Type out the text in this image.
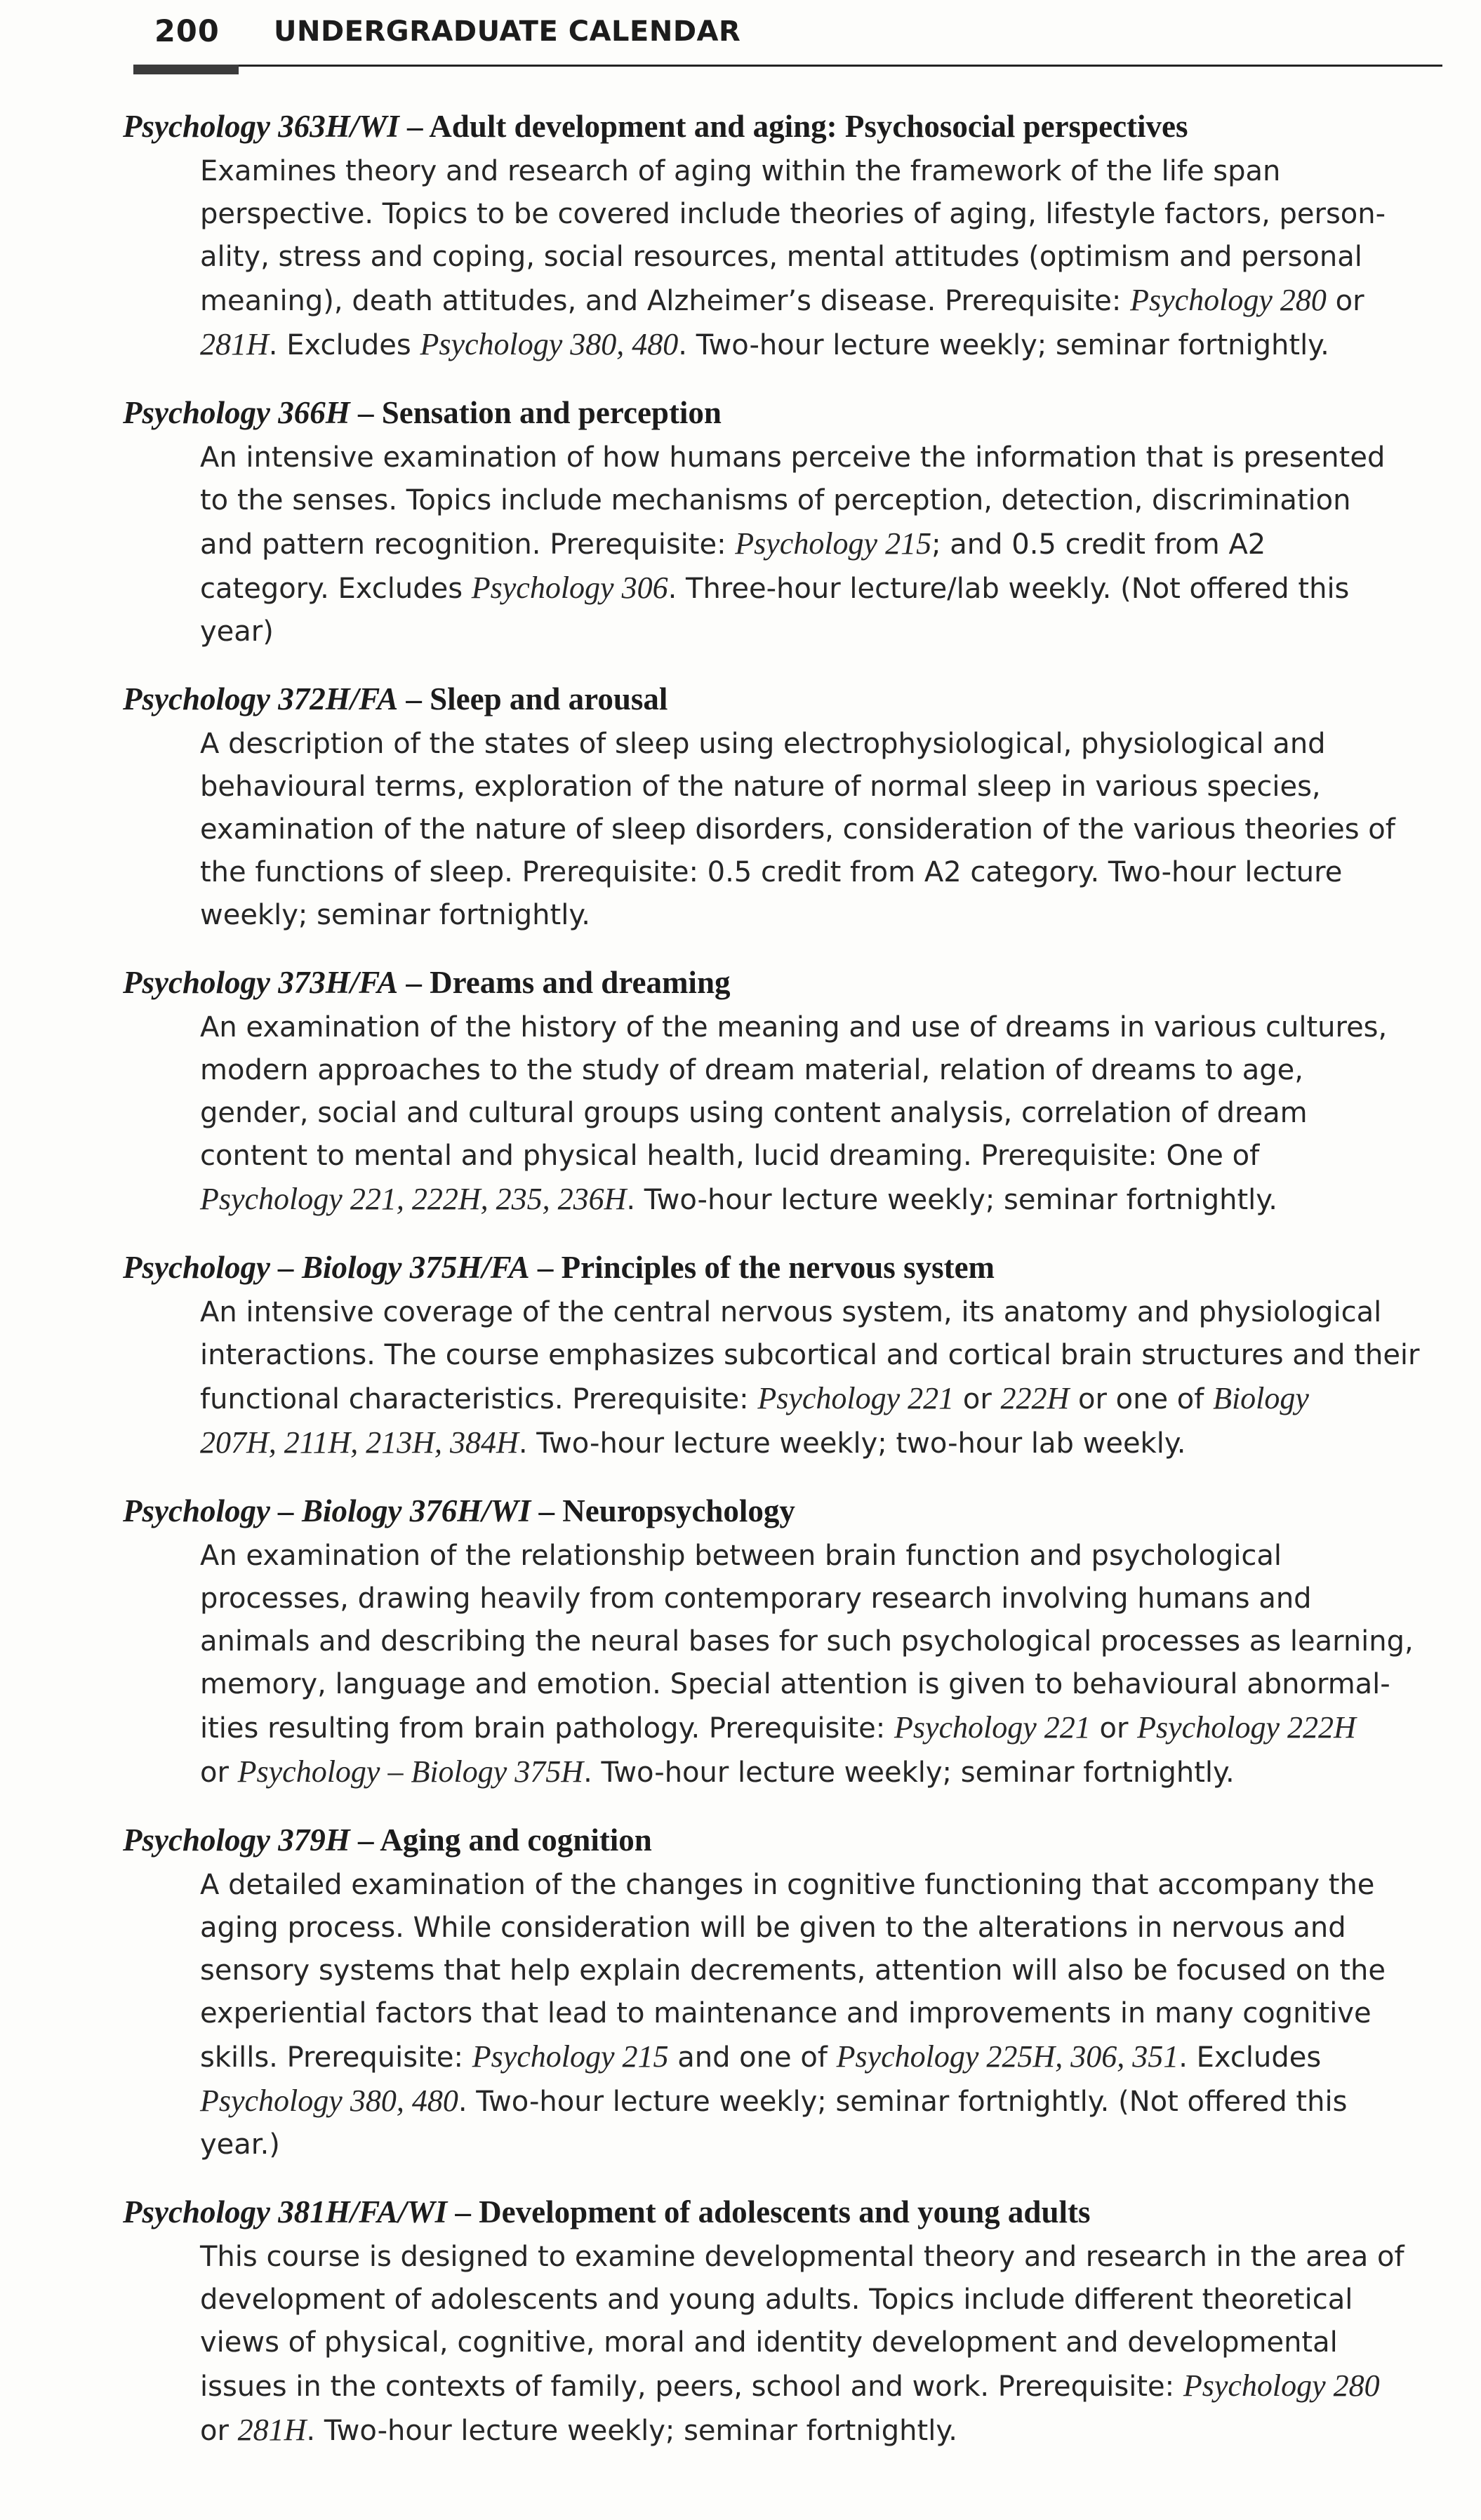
200 UNDERGRADUATE CALENDAR
Psychology 363H/WI – Adult development and aging: Psychosocial perspectives
Examines theory and research of aging within the framework of the life span
perspective. Topics to be covered include theories of aging, lifestyle factors, person-
ality, stress and coping, social resources, mental attitudes (optimism and personal
meaning), death attitudes, and Alzheimer’s disease. Prerequisite: Psychology 280 or
281H. Excludes Psychology 380, 480. Two-hour lecture weekly; seminar fortnightly.
Psychology 366H – Sensation and perception
An intensive examination of how humans perceive the information that is presented
to the senses. Topics include mechanisms of perception, detection, discrimination
and pattern recognition. Prerequisite: Psychology 215; and 0.5 credit from A2
category. Excludes Psychology 306. Three-hour lecture/lab weekly. (Not offered this
year)
Psychology 372H/FA – Sleep and arousal
A description of the states of sleep using electrophysiological, physiological and
behavioural terms, exploration of the nature of normal sleep in various species,
examination of the nature of sleep disorders, consideration of the various theories of
the functions of sleep. Prerequisite: 0.5 credit from A2 category. Two-hour lecture
weekly; seminar fortnightly.
Psychology 373H/FA – Dreams and dreaming
An examination of the history of the meaning and use of dreams in various cultures,
modern approaches to the study of dream material, relation of dreams to age,
gender, social and cultural groups using content analysis, correlation of dream
content to mental and physical health, lucid dreaming. Prerequisite: One of
Psychology 221, 222H, 235, 236H. Two-hour lecture weekly; seminar fortnightly.
Psychology – Biology 375H/FA – Principles of the nervous system
An intensive coverage of the central nervous system, its anatomy and physiological
interactions. The course emphasizes subcortical and cortical brain structures and their
functional characteristics. Prerequisite: Psychology 221 or 222H or one of Biology
207H, 211H, 213H, 384H. Two-hour lecture weekly; two-hour lab weekly.
Psychology – Biology 376H/WI – Neuropsychology
An examination of the relationship between brain function and psychological
processes, drawing heavily from contemporary research involving humans and
animals and describing the neural bases for such psychological processes as learning,
memory, language and emotion. Special attention is given to behavioural abnormal-
ities resulting from brain pathology. Prerequisite: Psychology 221 or Psychology 222H
or Psychology – Biology 375H. Two-hour lecture weekly; seminar fortnightly.
Psychology 379H – Aging and cognition
A detailed examination of the changes in cognitive functioning that accompany the
aging process. While consideration will be given to the alterations in nervous and
sensory systems that help explain decrements, attention will also be focused on the
experiential factors that lead to maintenance and improvements in many cognitive
skills. Prerequisite: Psychology 215 and one of Psychology 225H, 306, 351. Excludes
Psychology 380, 480. Two-hour lecture weekly; seminar fortnightly. (Not offered this
year.)
Psychology 381H/FA/WI – Development of adolescents and young adults
This course is designed to examine developmental theory and research in the area of
development of adolescents and young adults. Topics include different theoretical
views of physical, cognitive, moral and identity development and developmental
issues in the contexts of family, peers, school and work. Prerequisite: Psychology 280
or 281H. Two-hour lecture weekly; seminar fortnightly.
